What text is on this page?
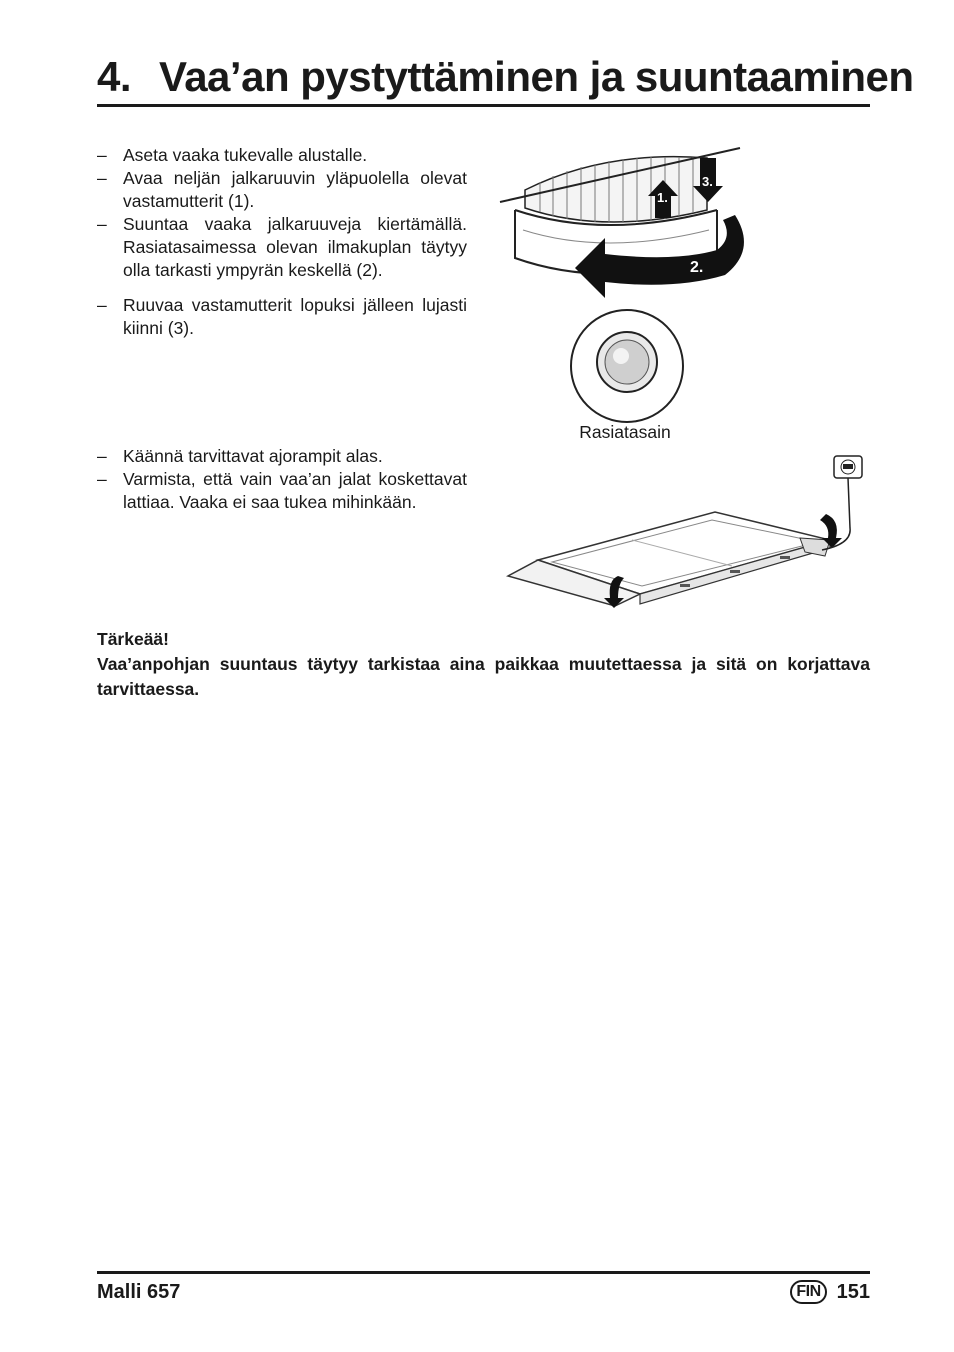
4. Vaa’an pystyttäminen ja suuntaaminen
– Aseta vaaka tukevalle alustalle.
– Avaa neljän jalkaruuvin yläpuolella olevat vastamutterit (1).
– Suuntaa vaaka jalkaruuveja kiertämällä. Rasiatasaimessa olevan ilmakuplan täytyy olla tarkasti ympyrän keskellä (2).
– Ruuvaa vastamutterit lopuksi jälleen lujasti kiinni (3).
1.
3.
2.
Rasiatasain
– Käännä tarvittavat ajorampit alas.
– Varmista, että vain vaa’an jalat koskettavat lattiaa. Vaaka ei saa tukea mihinkään.

Tärkeää!

Vaa’anpohjan suuntaus täytyy tarkistaa aina paikkaa muutettaessa ja sitä on korjattava tarvittaessa.

Malli 657	FIN 151
